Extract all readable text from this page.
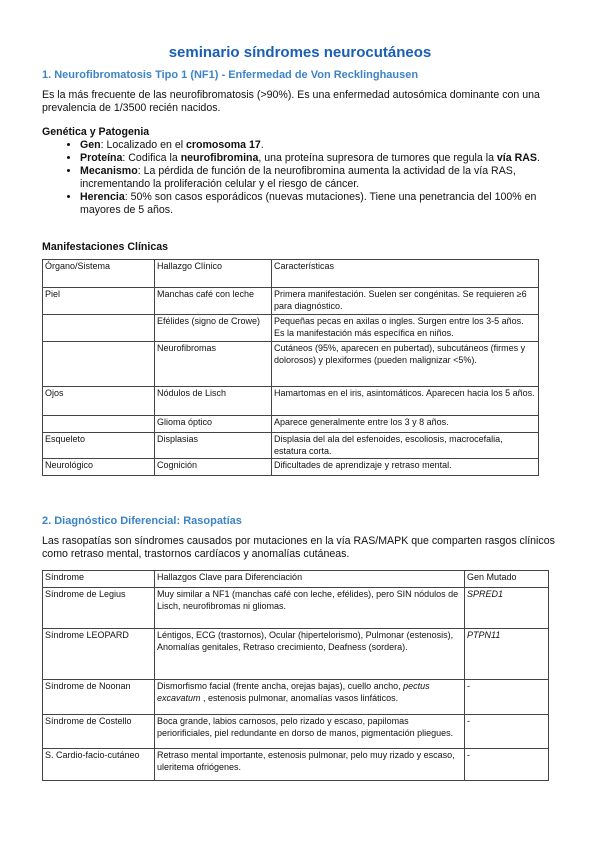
seminario síndromes neurocutáneos
1. Neurofibromatosis Tipo 1 (NF1) - Enfermedad de Von Recklinghausen

Es la más frecuente de las neurofibromatosis (>90%). Es una enfermedad autosómica dominante con una prevalencia de 1/3500 recién nacidos.

Genética y Patogenia
• Gen: Localizado en el cromosoma 17.
• Proteína: Codifica la neurofibromina, una proteína supresora de tumores que regula la vía RAS.
• Mecanismo: La pérdida de función de la neurofibromina aumenta la actividad de la vía RAS, incrementando la proliferación celular y el riesgo de cáncer.
• Herencia: 50% son casos esporádicos (nuevas mutaciones). Tiene una penetrancia del 100% en mayores de 5 años.
Manifestaciones Clínicas
Órgano/Sistema	Hallazgo Clínico	Características
Piel	Manchas café con leche	Primera manifestación. Suelen ser congénitas. Se requieren ≥6 para diagnóstico.
	Efélides (signo de Crowe)	Pequeñas pecas en axilas o ingles. Surgen entre los 3-5 años. Es la manifestación más específica en niños.
	Neurofibromas	Cutáneos (95%, aparecen en pubertad), subcutáneos (firmes y dolorosos) y plexiformes (pueden malignizar <5%).
Ojos	Nódulos de Lisch	Hamartomas en el iris, asintomáticos. Aparecen hacia los 5 años.
	Glioma óptico	Aparece generalmente entre los 3 y 8 años.
Esqueleto	Displasias	Displasia del ala del esfenoides, escoliosis, macrocefalia, estatura corta.
Neurológico	Cognición	Dificultades de aprendizaje y retraso mental.
2. Diagnóstico Diferencial: Rasopatías

Las rasopatías son síndromes causados por mutaciones en la vía RAS/MAPK que comparten rasgos clínicos como retraso mental, trastornos cardíacos y anomalías cutáneas.

Síndrome	Hallazgos Clave para Diferenciación	Gen Mutado
Síndrome de Legius	Muy similar a NF1 (manchas café con leche, efélides), pero SIN nódulos de Lisch, neurofibromas ni gliomas.	SPRED1
Síndrome LEOPARD	Léntigos, ECG (trastornos), Ocular (hipertelorismo), Pulmonar (estenosis), Anomalías genitales, Retraso crecimiento, Deafness (sordera).	PTPN11
Síndrome de Noonan	Dismorfismo facial (frente ancha, orejas bajas), cuello ancho, pectus excavatum , estenosis pulmonar, anomalías vasos linfáticos.	-
Síndrome de Costello	Boca grande, labios carnosos, pelo rizado y escaso, papilomas periorificiales, piel redundante en dorso de manos, pigmentación pliegues.	-
S. Cardio-facio-cutáneo	Retraso mental importante, estenosis pulmonar, pelo muy rizado y escaso, uleritema ofriógenes.	-
